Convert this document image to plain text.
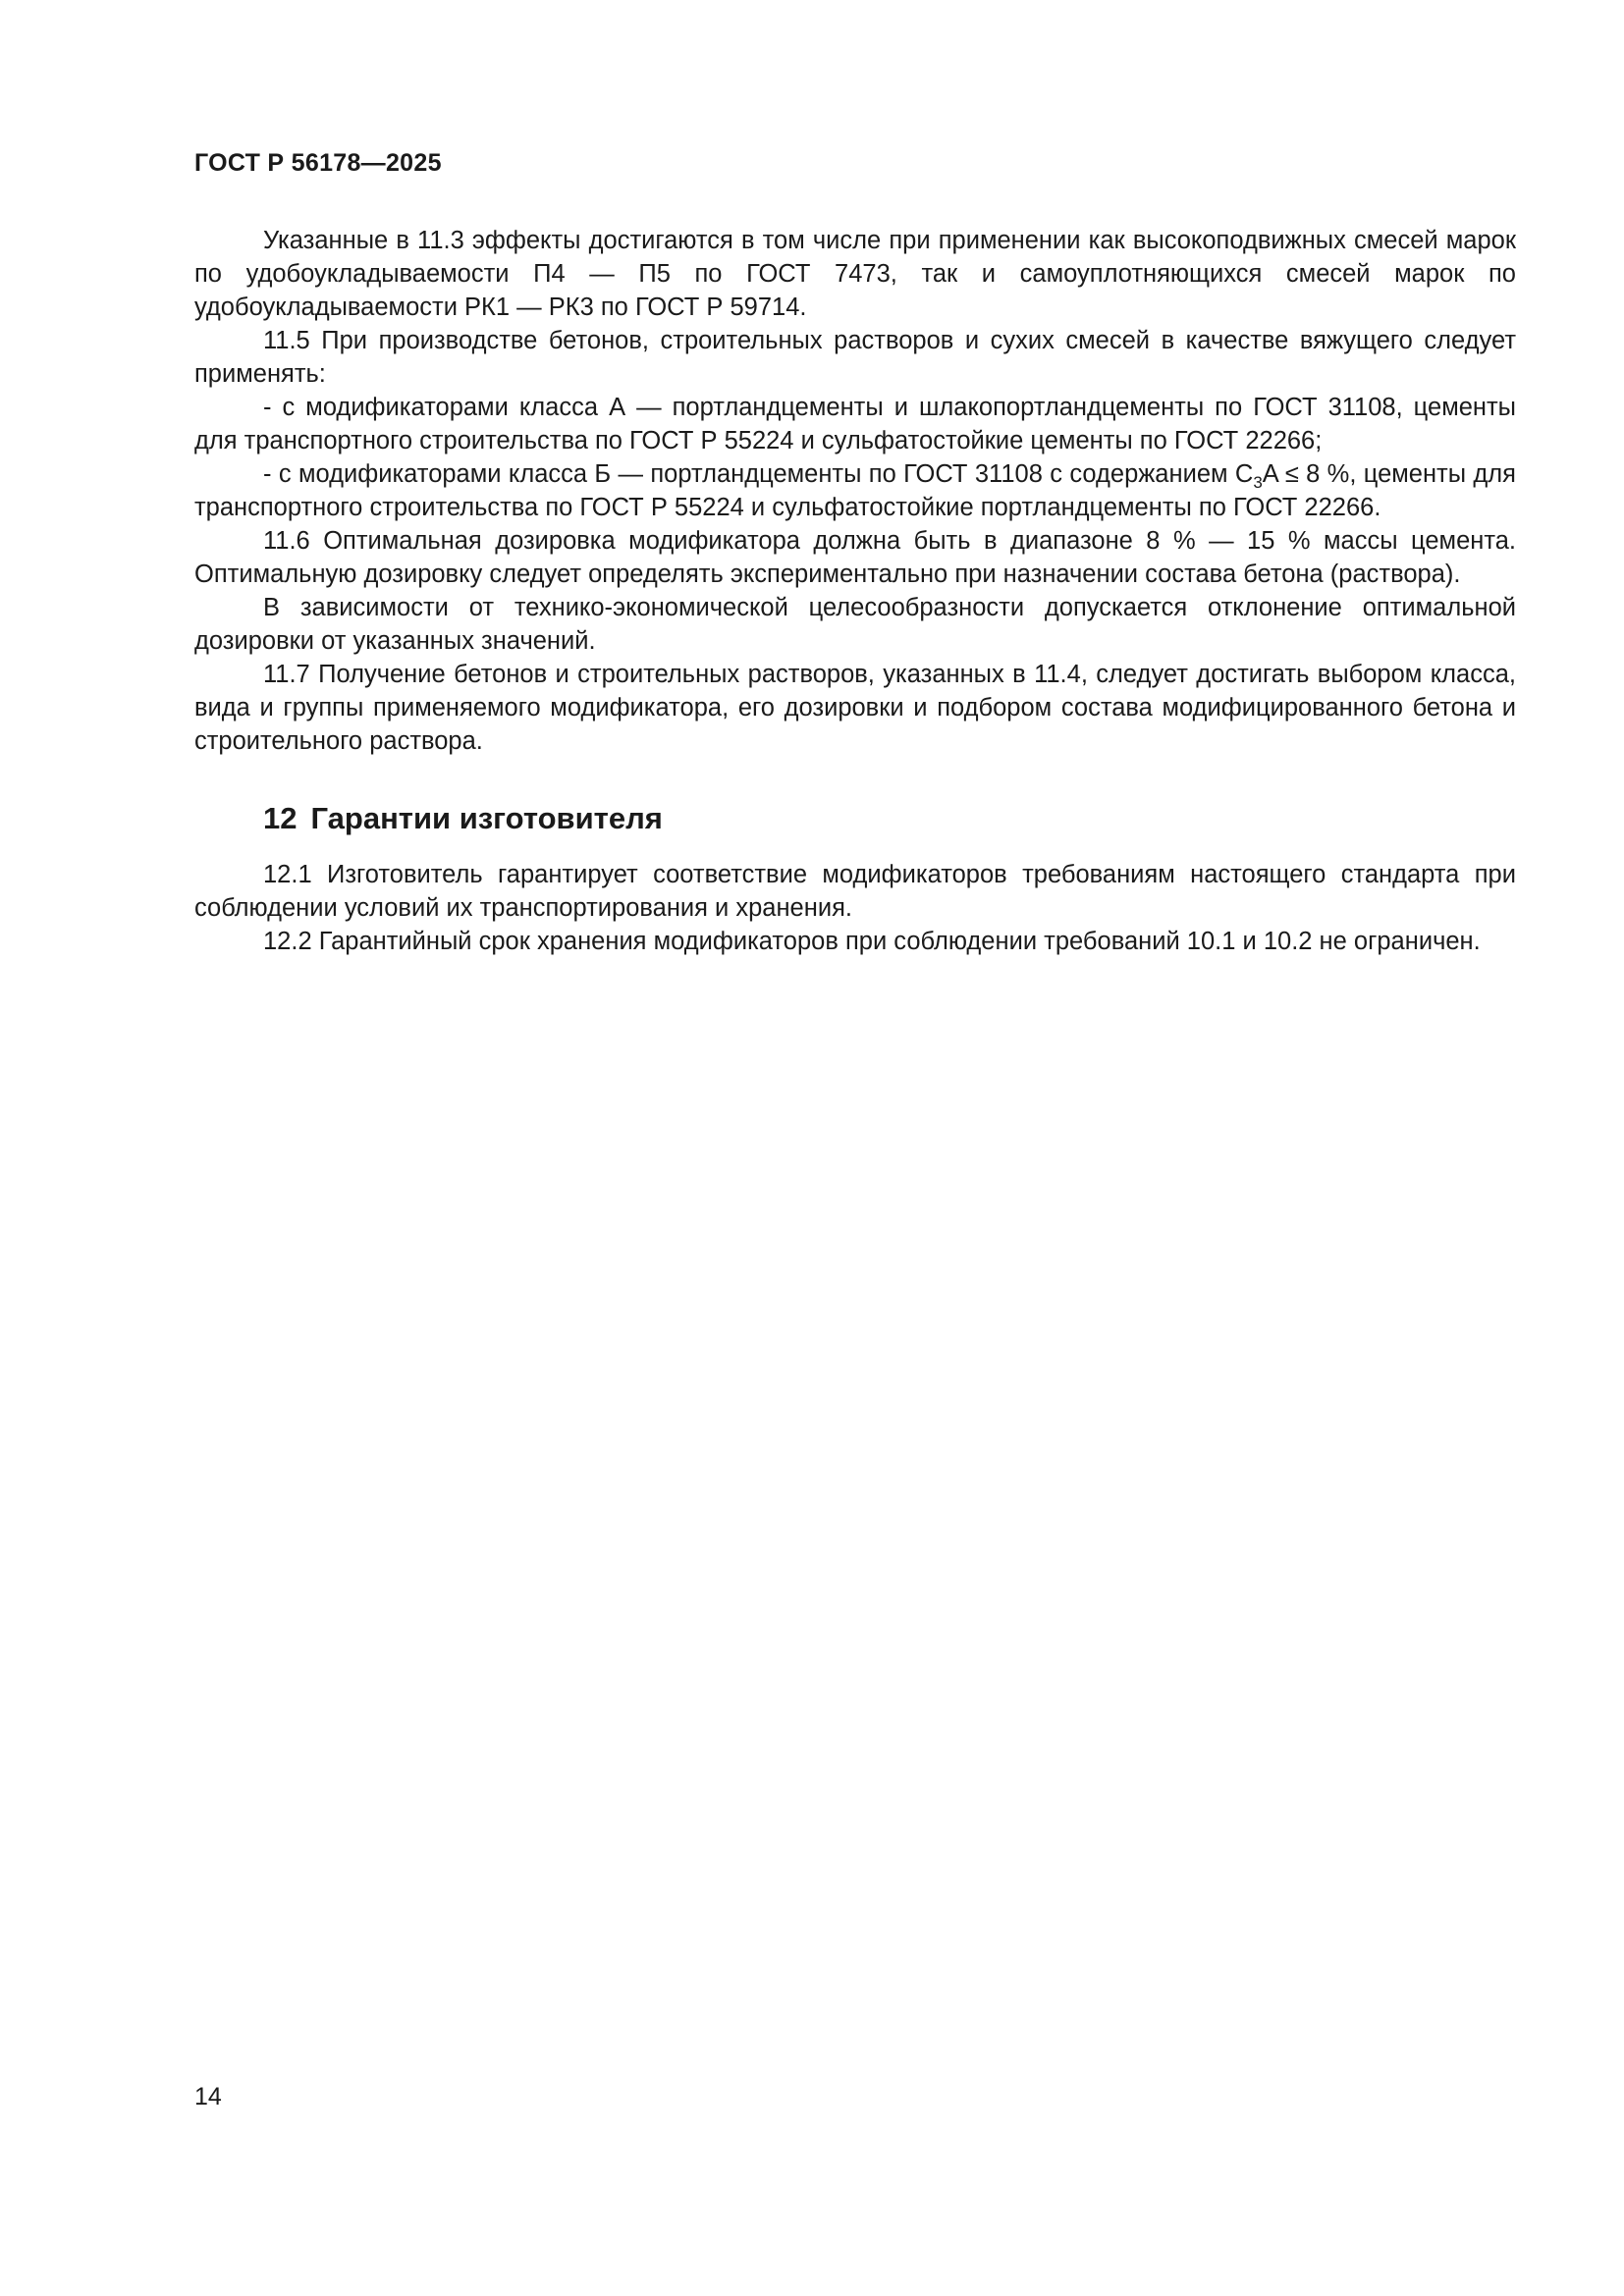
ГОСТ Р 56178—2025

Указанные в 11.3 эффекты достигаются в том числе при применении как высокоподвижных смесей марок по удобоукладываемости П4 — П5 по ГОСТ 7473, так и самоуплотняющихся смесей марок по удобоукладываемости РК1 — РК3 по ГОСТ Р 59714.

11.5 При производстве бетонов, строительных растворов и сухих смесей в качестве вяжущего следует применять:

- с модификаторами класса А — портландцементы и шлакопортландцементы по ГОСТ 31108, цементы для транспортного строительства по ГОСТ Р 55224 и сульфатостойкие цементы по ГОСТ 22266;

- с модификаторами класса Б — портландцементы по ГОСТ 31108 с содержанием $C_3A \le 8$ %, цементы для транспортного строительства по ГОСТ Р 55224 и сульфатостойкие портландцементы по ГОСТ 22266.

11.6 Оптимальная дозировка модификатора должна быть в диапазоне 8 % — 15 % массы цемента. Оптимальную дозировку следует определять экспериментально при назначении состава бетона (раствора).

В зависимости от технико-экономической целесообразности допускается отклонение оптимальной дозировки от указанных значений.

11.7 Получение бетонов и строительных растворов, указанных в 11.4, следует достигать выбором класса, вида и группы применяемого модификатора, его дозировки и подбором состава модифицированного бетона и строительного раствора.

12 Гарантии изготовителя

12.1 Изготовитель гарантирует соответствие модификаторов требованиям настоящего стандарта при соблюдении условий их транспортирования и хранения.

12.2 Гарантийный срок хранения модификаторов при соблюдении требований 10.1 и 10.2 не ограничен.

14
